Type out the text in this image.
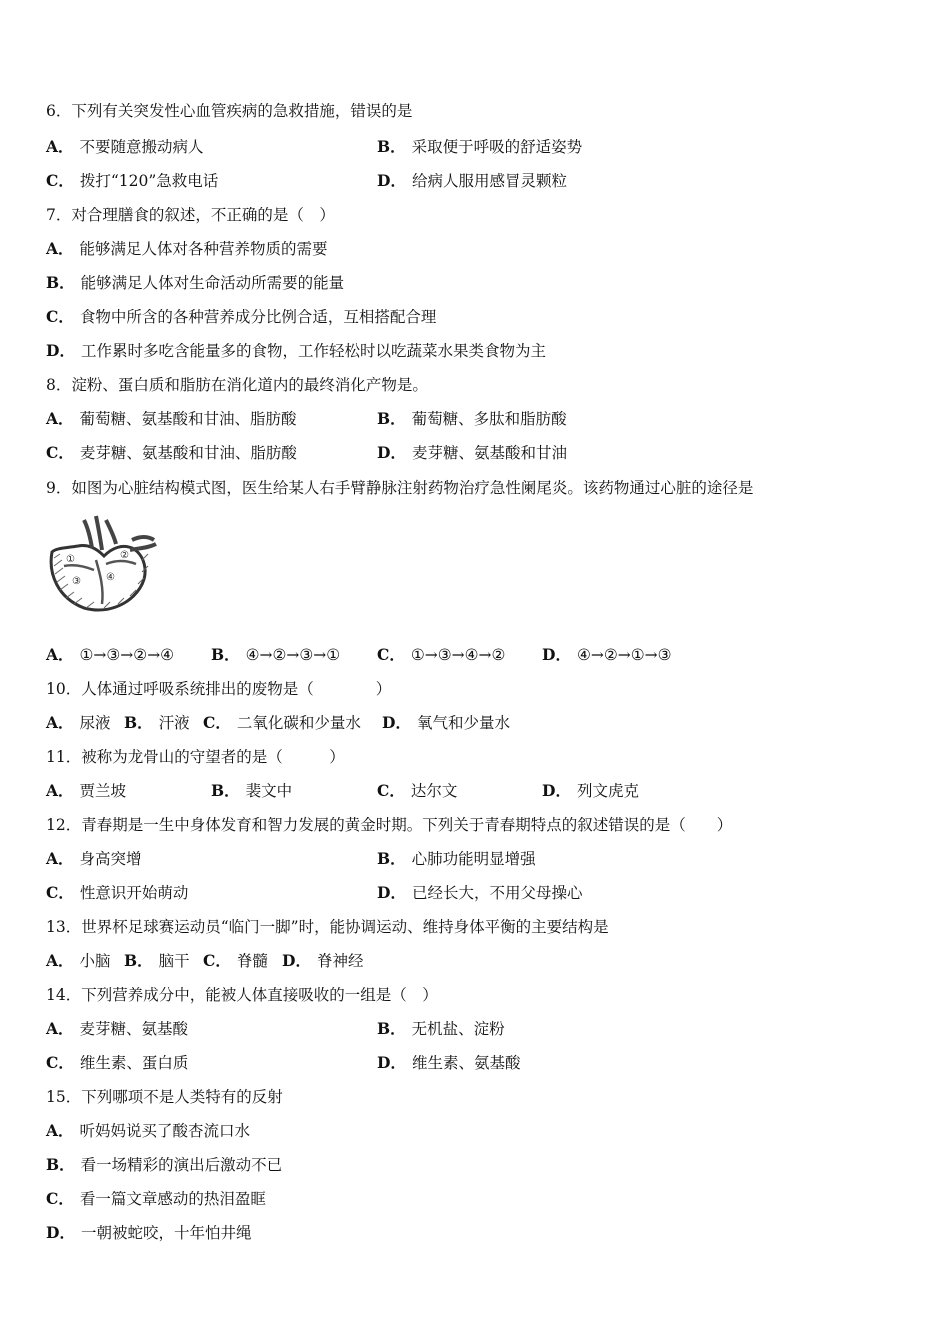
6．下列有关突发性心血管疾病的急救措施，错误的是
A． 不要随意搬动病人	B． 采取便于呼吸的舒适姿势
C． 拨打“120”急救电话	D． 给病人服用感冒灵颗粒
7．对合理膳食的叙述，不正确的是（　）
A． 能够满足人体对各种营养物质的需要
B． 能够满足人体对生命活动所需要的能量
C． 食物中所含的各种营养成分比例合适，互相搭配合理
D． 工作累时多吃含能量多的食物，工作轻松时以吃蔬菜水果类食物为主
8．淀粉、蛋白质和脂肪在消化道内的最终消化产物是。
A． 葡萄糖、氨基酸和甘油、脂肪酸	B． 葡萄糖、多肽和脂肪酸
C． 麦芽糖、氨基酸和甘油、脂肪酸	D． 麦芽糖、氨基酸和甘油
9．如图为心脏结构模式图，医生给某人右手臂静脉注射药物治疗急性阑尾炎。该药物通过心脏的途径是
①	②
③	④
A． ①→③→②→④ B． ④→②→③→① C． ①→③→④→② D． ④→②→①→③
10．人体通过呼吸系统排出的废物是（　　　　）
A． 尿液 B． 汗液 C． 二氧化碳和少量水 D． 氧气和少量水
11．被称为龙骨山的守望者的是（　　　）
A． 贾兰坡	B． 裴文中	C． 达尔文	D． 列文虎克
12．青春期是一生中身体发育和智力发展的黄金时期。下列关于青春期特点的叙述错误的是（　　）
A． 身高突增	B． 心肺功能明显增强
C． 性意识开始萌动	D． 已经长大，不用父母操心
13．世界杯足球赛运动员“临门一脚”时，能协调运动、维持身体平衡的主要结构是
A． 小脑 B． 脑干 C． 脊髓 D． 脊神经
14．下列营养成分中，能被人体直接吸收的一组是（　）
A． 麦芽糖、氨基酸	B． 无机盐、淀粉
C． 维生素、蛋白质	D． 维生素、氨基酸
15．下列哪项不是人类特有的反射
A． 听妈妈说买了酸杏流口水
B． 看一场精彩的演出后激动不已
C． 看一篇文章感动的热泪盈眶
D． 一朝被蛇咬，十年怕井绳
